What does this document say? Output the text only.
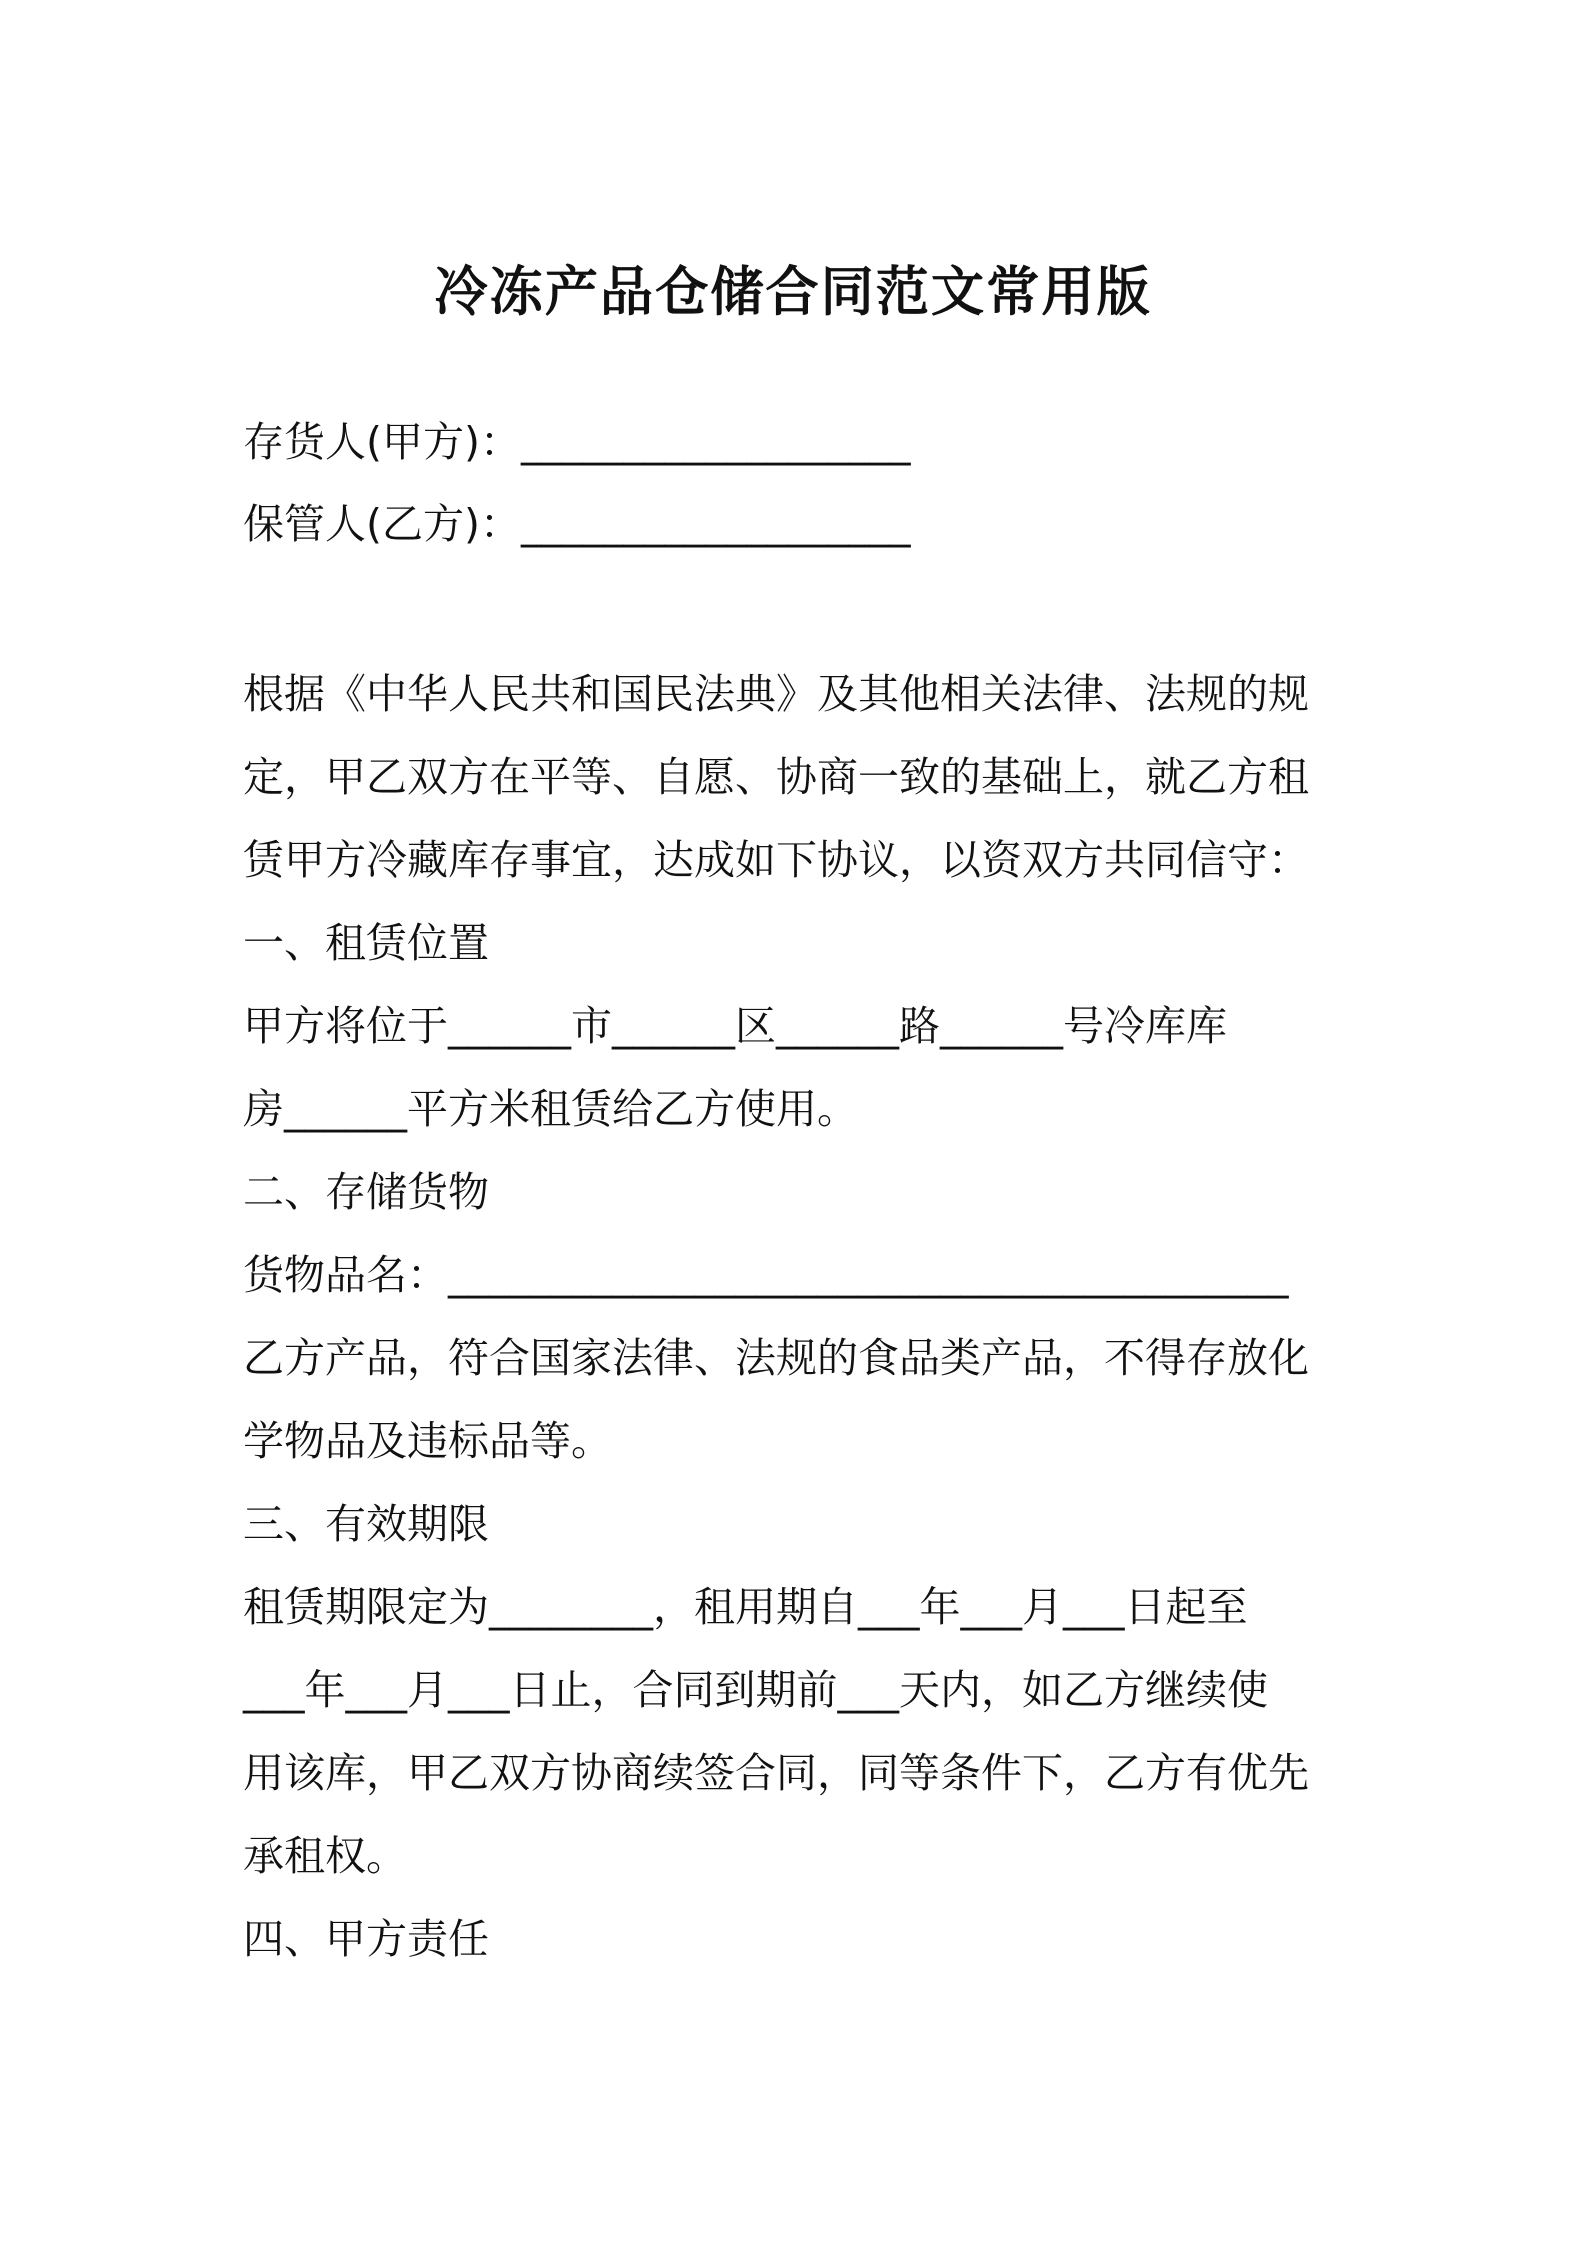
冷冻产品仓储合同范文常用版
存货人(甲方)：___________________
保管人(乙方)：___________________
根据《中华人民共和国民法典》及其他相关法律、法规的规
定，甲乙双方在平等、自愿、协商一致的基础上，就乙方租
赁甲方冷藏库存事宜，达成如下协议，以资双方共同信守：
一、租赁位置
甲方将位于______市______区______路______号冷库库
房______平方米租赁给乙方使用。
二、存储货物
货物品名：_________________________________________
乙方产品，符合国家法律、法规的食品类产品，不得存放化
学物品及违标品等。
三、有效期限
租赁期限定为________，租用期自___年___月___日起至
___年___月___日止，合同到期前___天内，如乙方继续使
用该库，甲乙双方协商续签合同，同等条件下，乙方有优先
承租权。
四、甲方责任
